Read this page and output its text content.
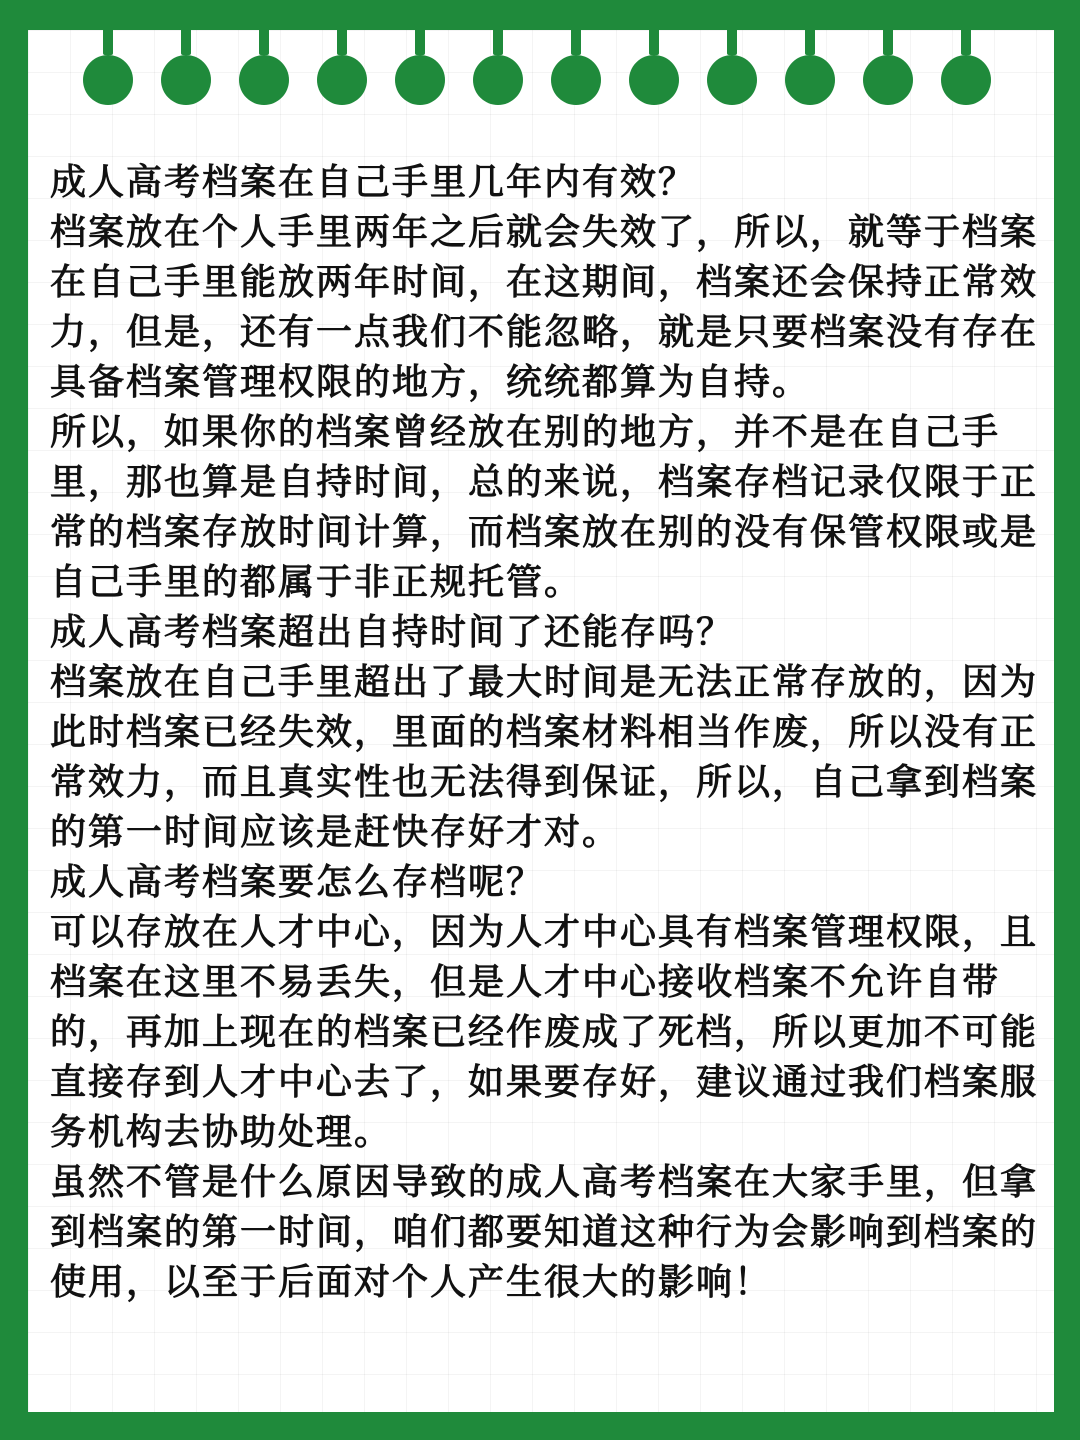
成人高考档案在自己手里几年内有效？

档案放在个人手里两年之后就会失效了，所以，就等于档案在自己手里能放两年时间，在这期间，档案还会保持正常效力，但是，还有一点我们不能忽略，就是只要档案没有存在具备档案管理权限的地方，统统都算为自持。

所以，如果你的档案曾经放在别的地方，并不是在自己手里，那也算是自持时间，总的来说，档案存档记录仅限于正常的档案存放时间计算，而档案放在别的没有保管权限或是自己手里的都属于非正规托管。

成人高考档案超出自持时间了还能存吗？

档案放在自己手里超出了最大时间是无法正常存放的，因为此时档案已经失效，里面的档案材料相当作废，所以没有正常效力，而且真实性也无法得到保证，所以，自己拿到档案的第一时间应该是赶快存好才对。

成人高考档案要怎么存档呢？

可以存放在人才中心，因为人才中心具有档案管理权限，且档案在这里不易丢失，但是人才中心接收档案不允许自带的，再加上现在的档案已经作废成了死档，所以更加不可能直接存到人才中心去了，如果要存好，建议通过我们档案服务机构去协助处理。

虽然不管是什么原因导致的成人高考档案在大家手里，但拿到档案的第一时间，咱们都要知道这种行为会影响到档案的使用，以至于后面对个人产生很大的影响！
